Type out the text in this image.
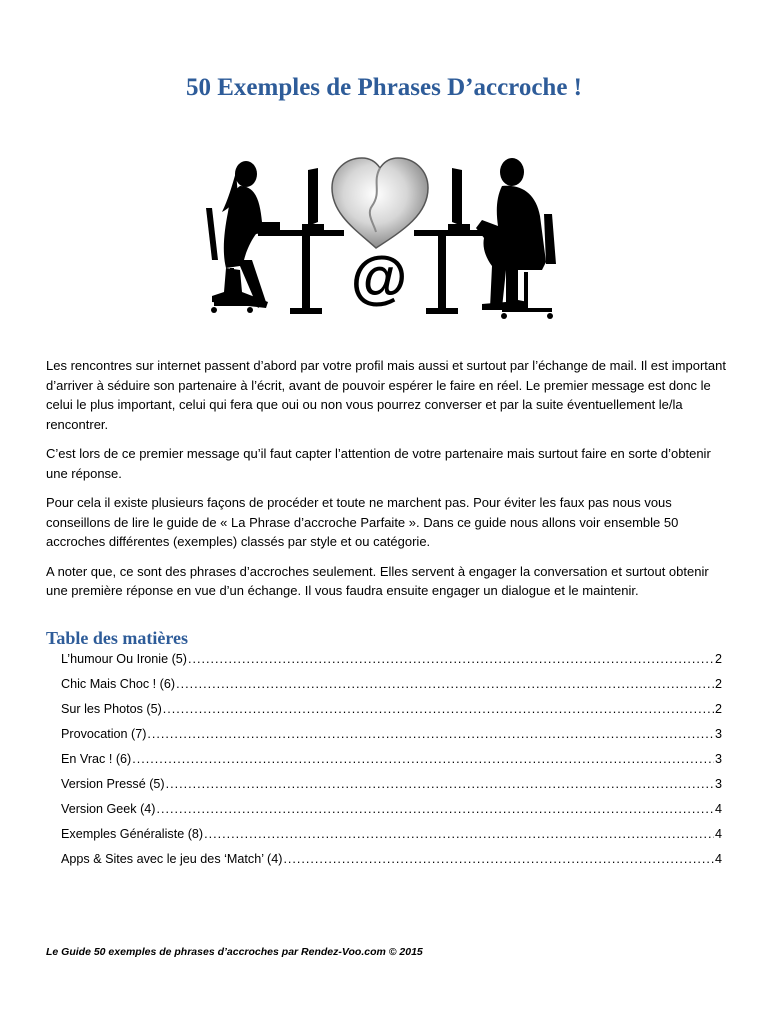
50 Exemples de Phrases D’accroche !
@

Les rencontres sur internet passent d’abord par votre profil mais aussi et surtout par l’échange de mail. Il est important d’arriver à séduire son partenaire à l’écrit, avant de pouvoir espérer le faire en réel. Le premier message est donc le celui le plus important, celui qui fera que oui ou non vous pourrez converser et par la suite éventuellement le/la rencontrer.

C’est lors de ce premier message qu’il faut capter l’attention de votre partenaire mais surtout faire en sorte d’obtenir une réponse.

Pour cela il existe plusieurs façons de procéder et toute ne marchent pas. Pour éviter les faux pas nous vous conseillons de lire le guide de « La Phrase d’accroche Parfaite ». Dans ce guide nous allons voir ensemble 50 accroches différentes (exemples) classés par style et ou catégorie.

A noter que, ce sont des phrases d’accroches seulement. Elles servent à engager la conversation et surtout obtenir une première réponse en vue d’un échange. Il vous faudra ensuite engager un dialogue et le maintenir.

Table des matières
L’humour Ou Ironie (5) .....	2
Chic Mais Choc ! (6) .....	2
Sur les Photos (5) .....	2
Provocation (7) .....	3
En Vrac ! (6) .....	3
Version Pressé (5) .....	3
Version Geek (4) .....	4
Exemples Généraliste (8) .....	4
Apps & Sites avec le jeu des ‘Match’ (4) .....	4
Le Guide 50 exemples de phrases d’accroches par Rendez-Voo.com © 2015
